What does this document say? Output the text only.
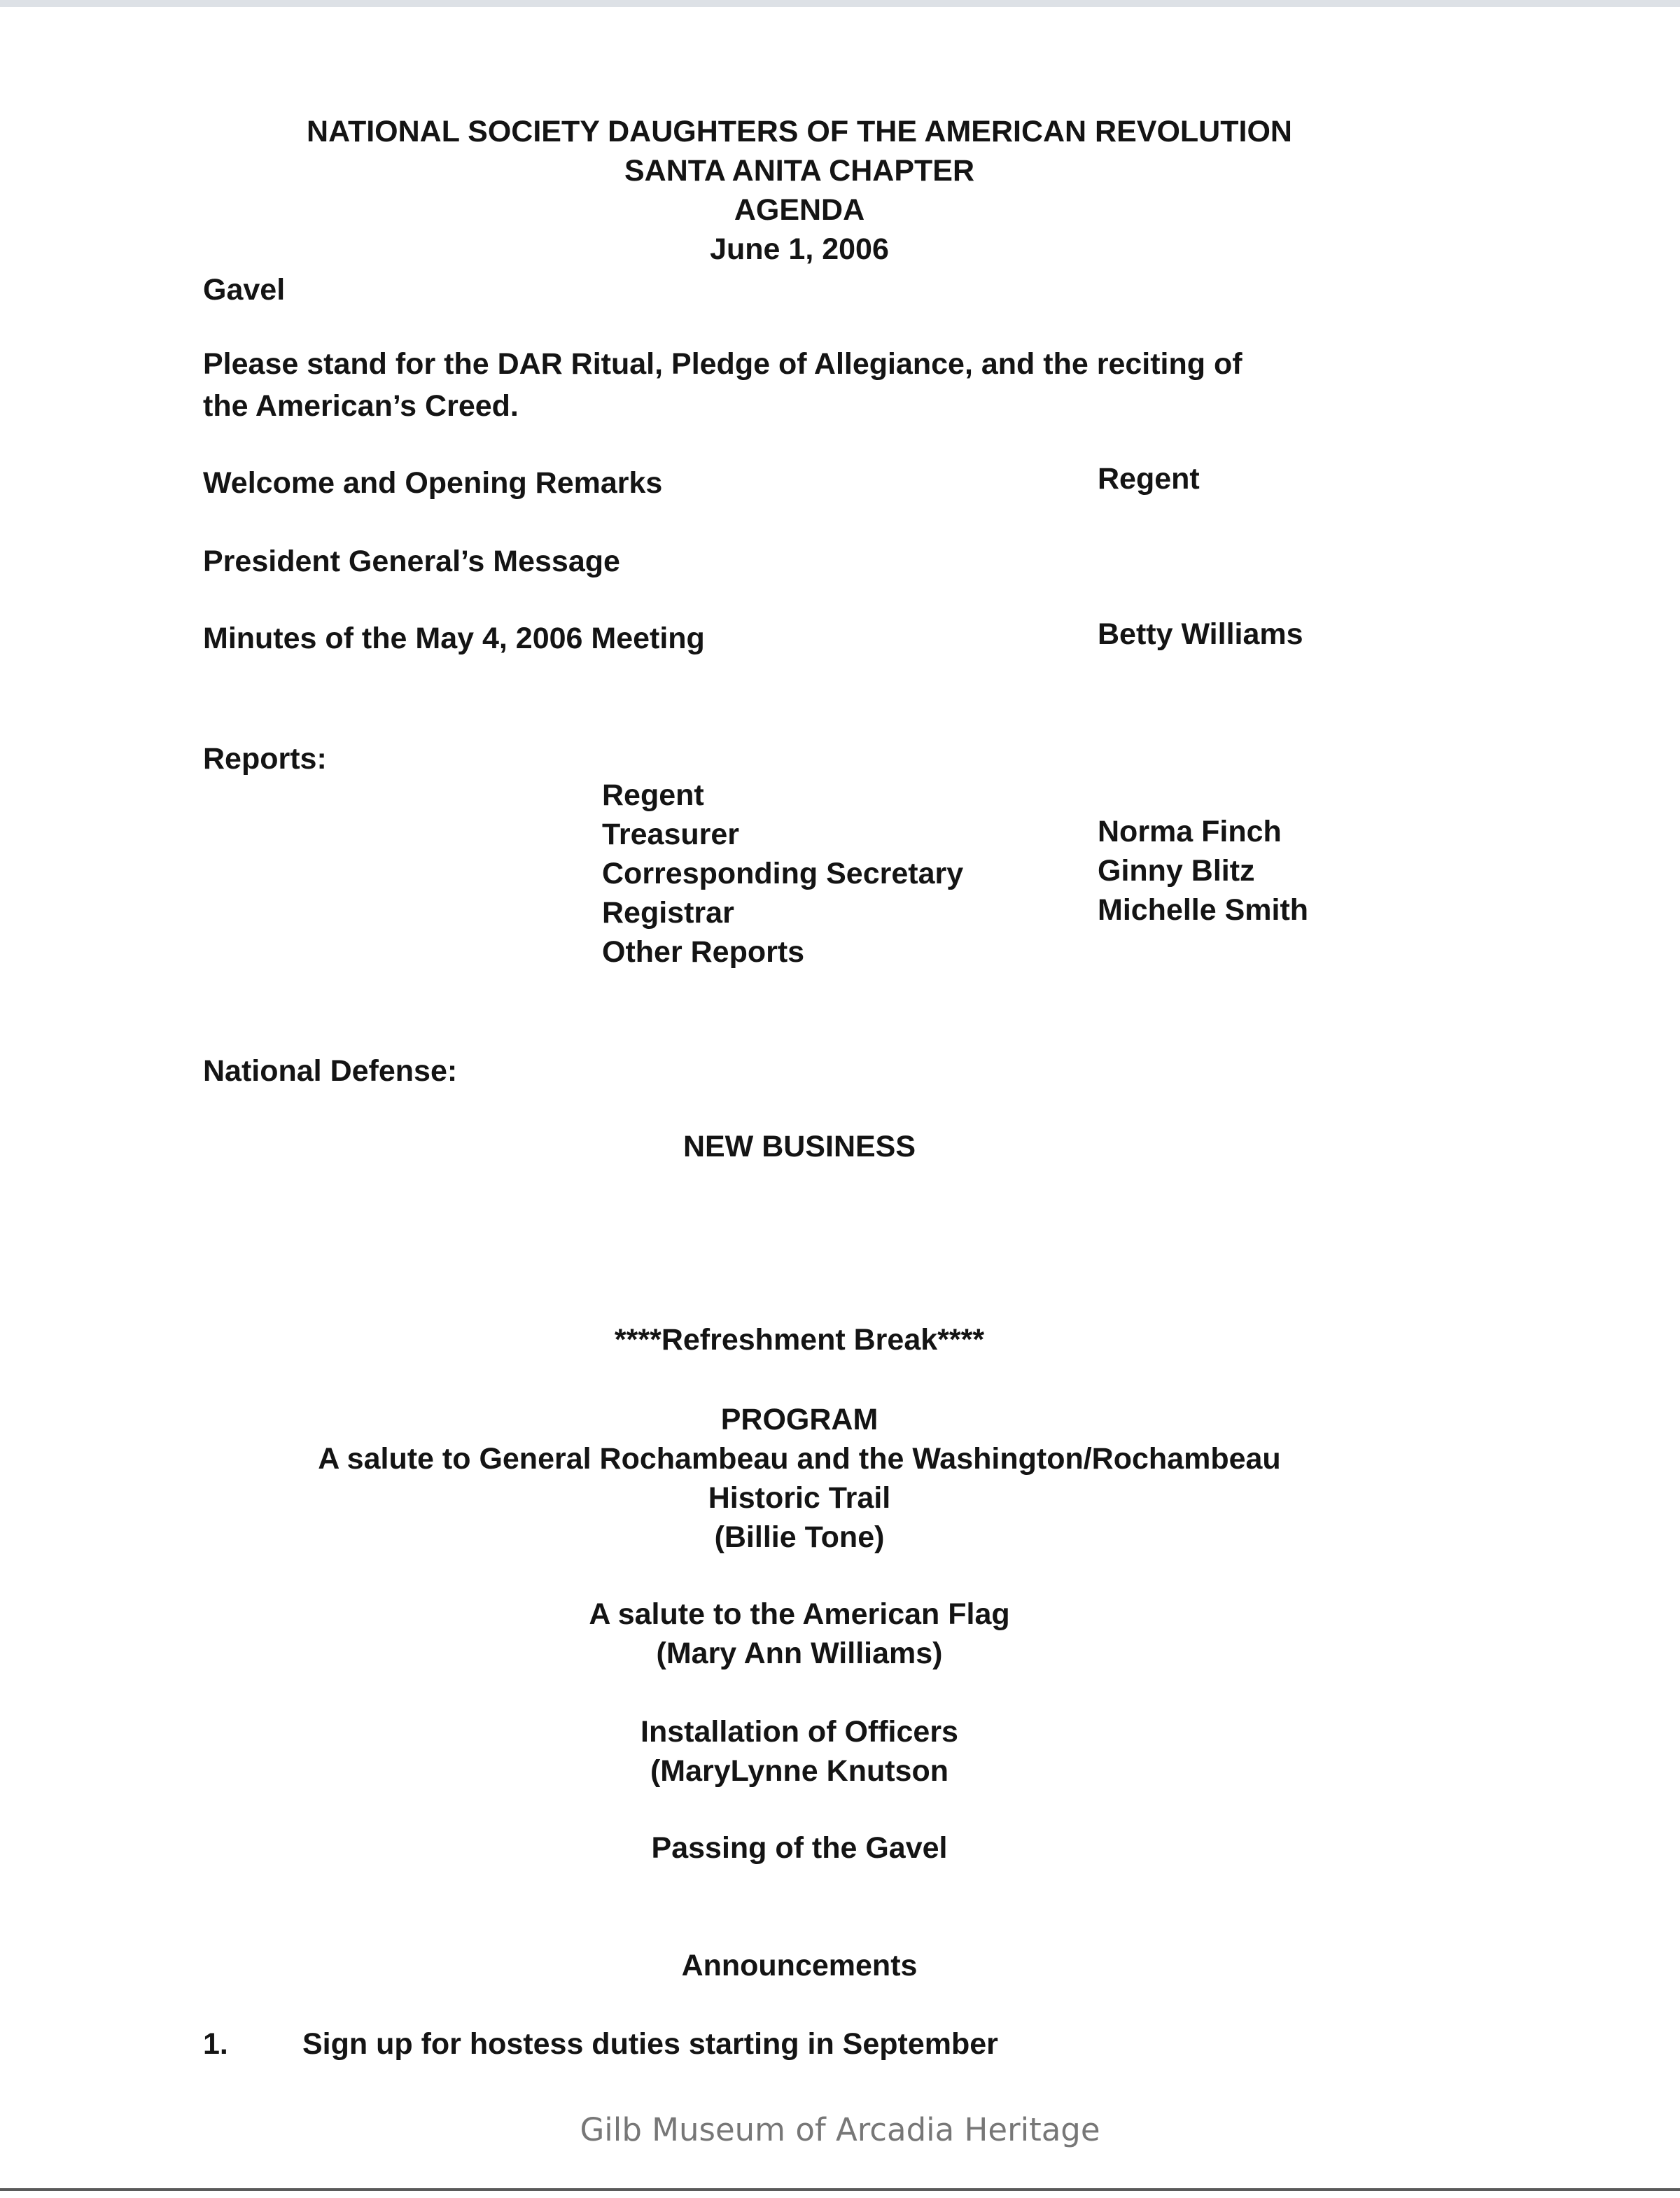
NATIONAL SOCIETY DAUGHTERS OF THE AMERICAN REVOLUTION

SANTA ANITA CHAPTER

AGENDA

June 1, 2006

Gavel

Please stand for the DAR Ritual, Pledge of Allegiance, and the reciting of

the American’s Creed.

Welcome and Opening Remarks	Regent

President General’s Message

Minutes of the May 4, 2006 Meeting	Betty Williams

Reports:

Regent

Treasurer	Norma Finch

Corresponding Secretary	Ginny Blitz

Registrar	Michelle Smith

Other Reports

National Defense:

NEW BUSINESS

****Refreshment Break****

PROGRAM

A salute to General Rochambeau and the Washington/Rochambeau

Historic Trail

(Billie Tone)

A salute to the American Flag

(Mary Ann Williams)

Installation of Officers

(MaryLynne Knutson

Passing of the Gavel

Announcements

1. Sign up for hostess duties starting in September

Gilb Museum of Arcadia Heritage
